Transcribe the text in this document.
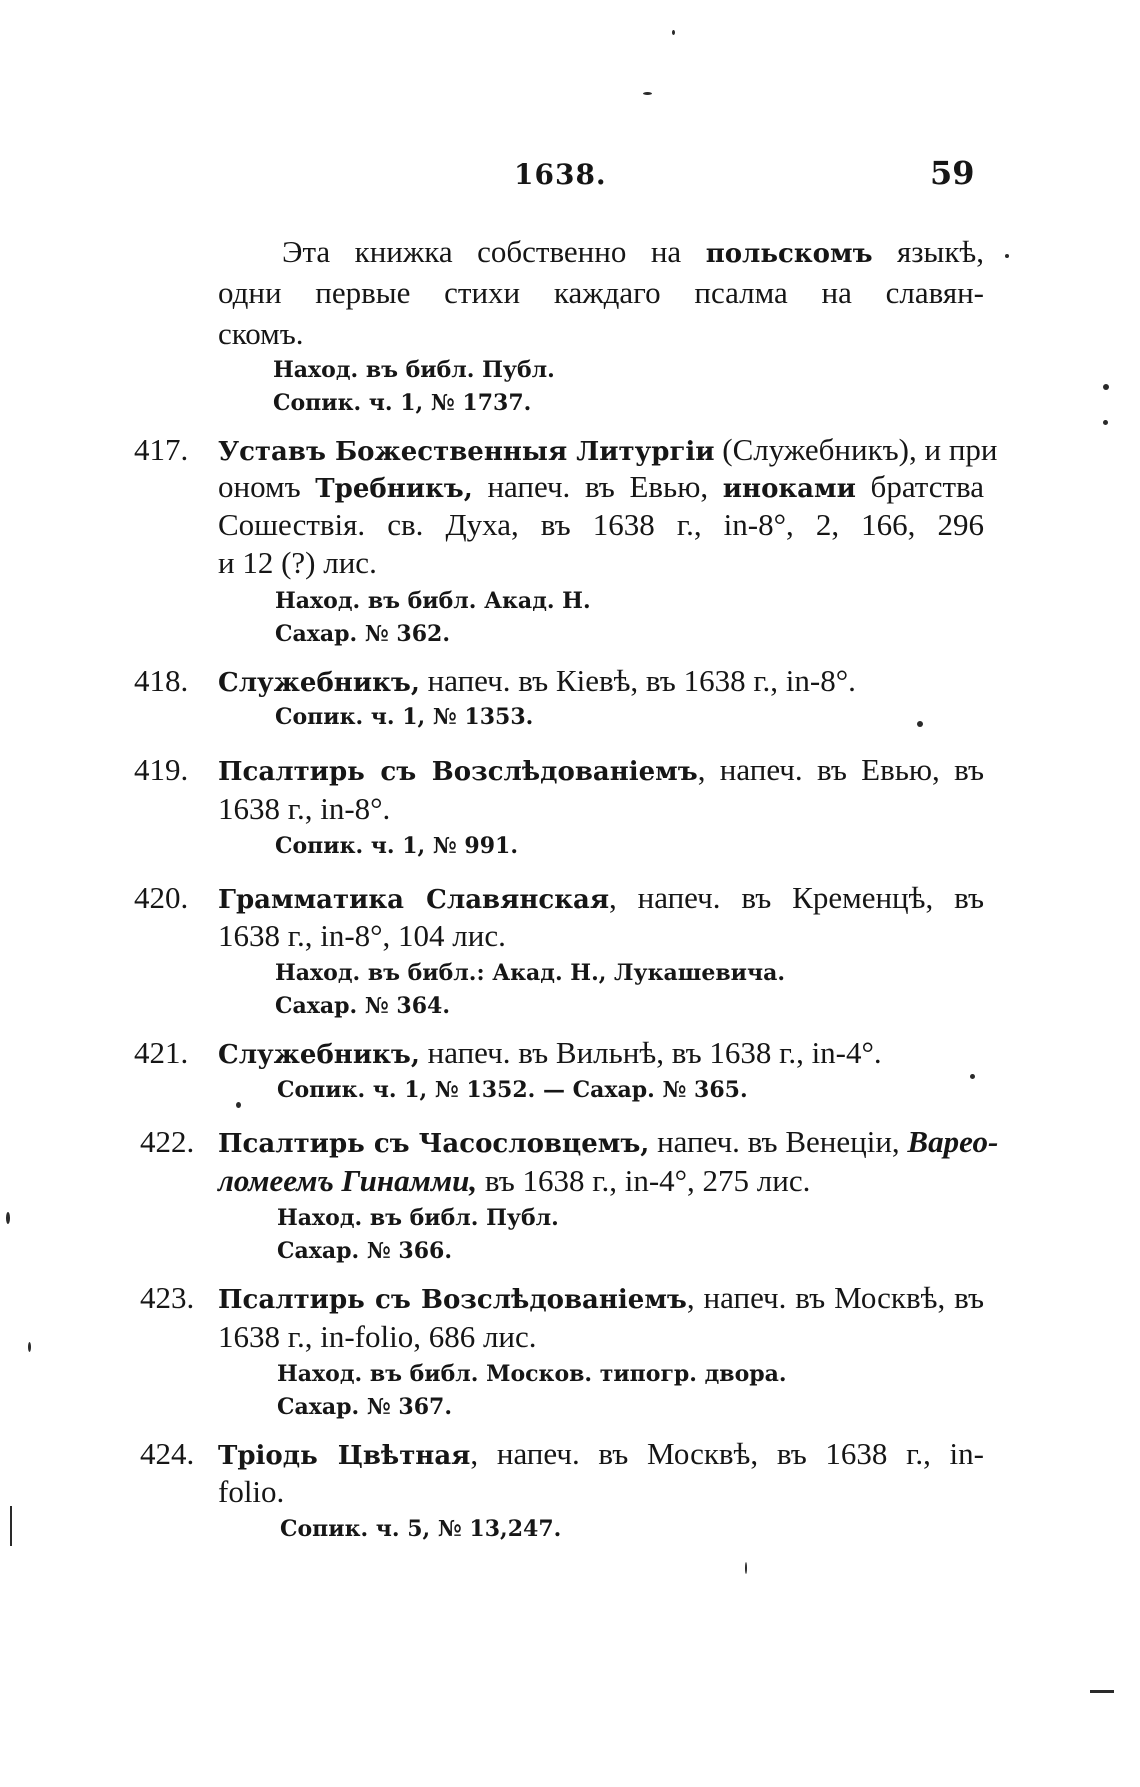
1638.	59
Эта книжка собственно на польскомъ языкѣ,
одни первые стихи каждаго псалма на славян-
скомъ.
Наход. въ библ. Публ.
Сопик. ч. 1, № 1737.
417. Уставъ Божественныя Литургіи (Служебникъ), и при
ономъ Требникъ, напеч. въ Евью, иноками братства
Сошествія. св. Духа, въ 1638 г., in-8°, 2, 166, 296
и 12 (?) лис.
Наход. въ библ. Акад. Н.
Сахар. № 362.
418. Служебникъ, напеч. въ Кіевѣ, въ 1638 г., in-8°.
Сопик. ч. 1, № 1353.
419. Псалтирь съ Возслѣдованіемъ, напеч. въ Евью, въ
1638 г., in-8°.
Сопик. ч. 1, № 991.
420. Грамматика Славянская, напеч. въ Кременцѣ, въ
1638 г., in-8°, 104 лис.
Наход. въ библ.: Акад. Н., Лукашевича.
Сахар. № 364.
421. Служебникъ, напеч. въ Вильнѣ, въ 1638 г., in-4°.
Сопик. ч. 1, № 1352. — Сахар. № 365.
422. Псалтирь съ Часословцемъ, напеч. въ Венеціи, Варео-
ломеемъ Гинамми, въ 1638 г., in-4°, 275 лис.
Наход. въ библ. Публ.
Сахар. № 366.
423. Псалтирь съ Возслѣдованіемъ, напеч. въ Москвѣ, въ
1638 г., in-folio, 686 лис.
Наход. въ библ. Москов. типогр. двора.
Сахар. № 367.
424. Тріодь Цвѣтная, напеч. въ Москвѣ, въ 1638 г., in-
folio.
Сопик. ч. 5, № 13,247.
